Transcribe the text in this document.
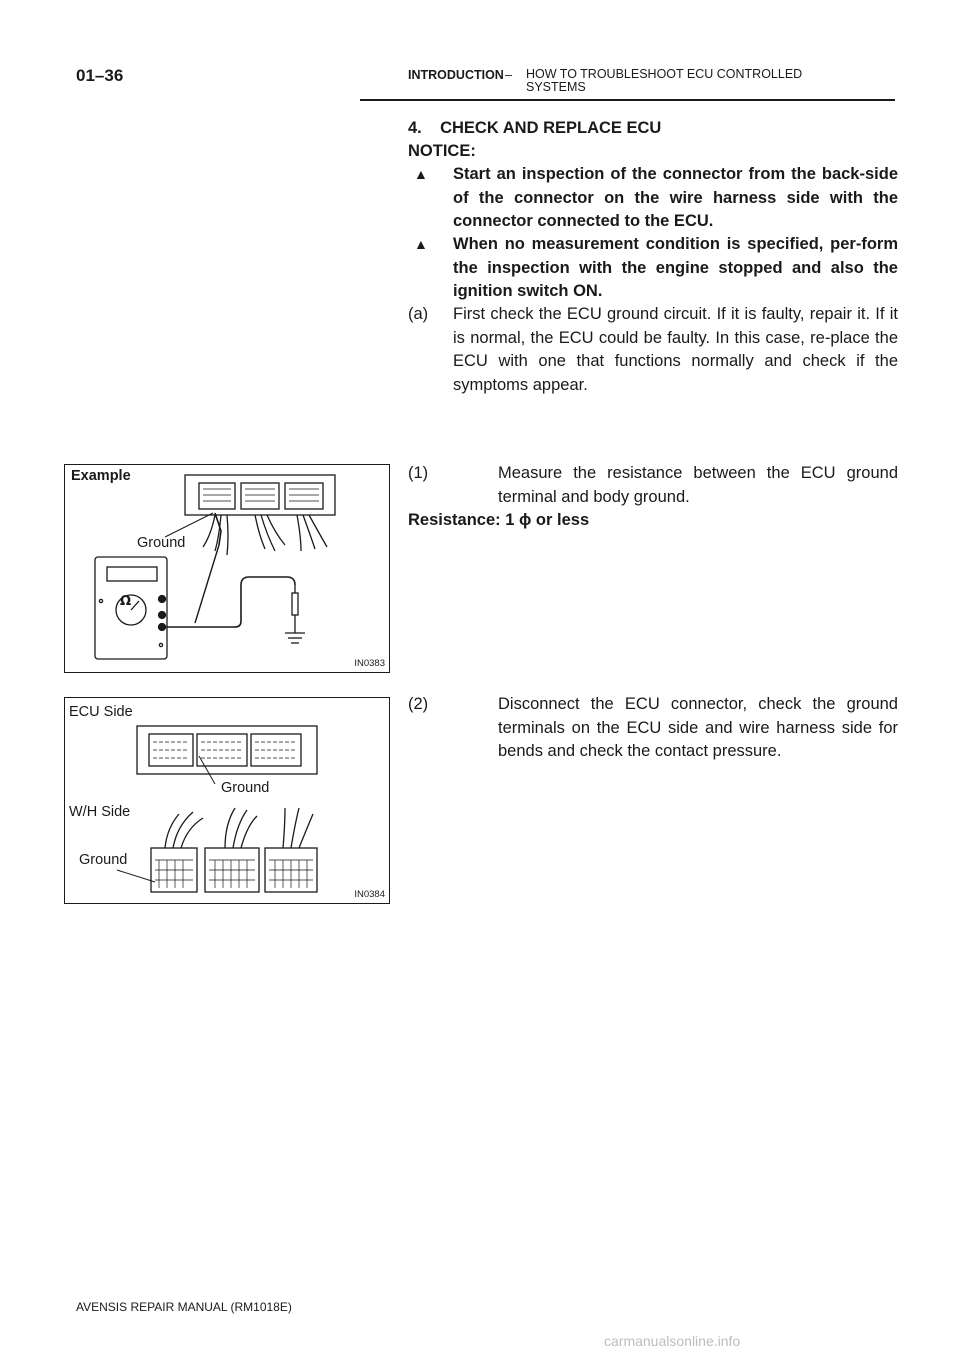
01–36	INTRODUCTION – HOW TO TROUBLESHOOT ECU CONTROLLED SYSTEMS
4.    CHECK AND REPLACE ECU
NOTICE:
▲ Start an inspection of the connector from the back-side of the connector on the wire harness side with the connector connected to the ECU.
▲ When no measurement condition is specified, per-form the inspection with the engine stopped and also the ignition switch ON.
(a) First check the ECU ground circuit. If it is faulty, repair it. If it is normal, the ECU could be faulty. In this case, re-place the ECU with one that functions normally and check if the symptoms appear.
(1)	Measure the resistance between the ECU ground terminal and body ground.
Resistance: 1 ϕ or less
(2)	Disconnect the ECU connector, check the ground terminals on the ECU side and wire harness side for bends and check the contact pressure.
Example
Ground
IN0383
Ω
ECU Side
Ground
W/H Side
Ground
IN0384
AVENSIS REPAIR MANUAL (RM1018E)
carmanualsonline.info
